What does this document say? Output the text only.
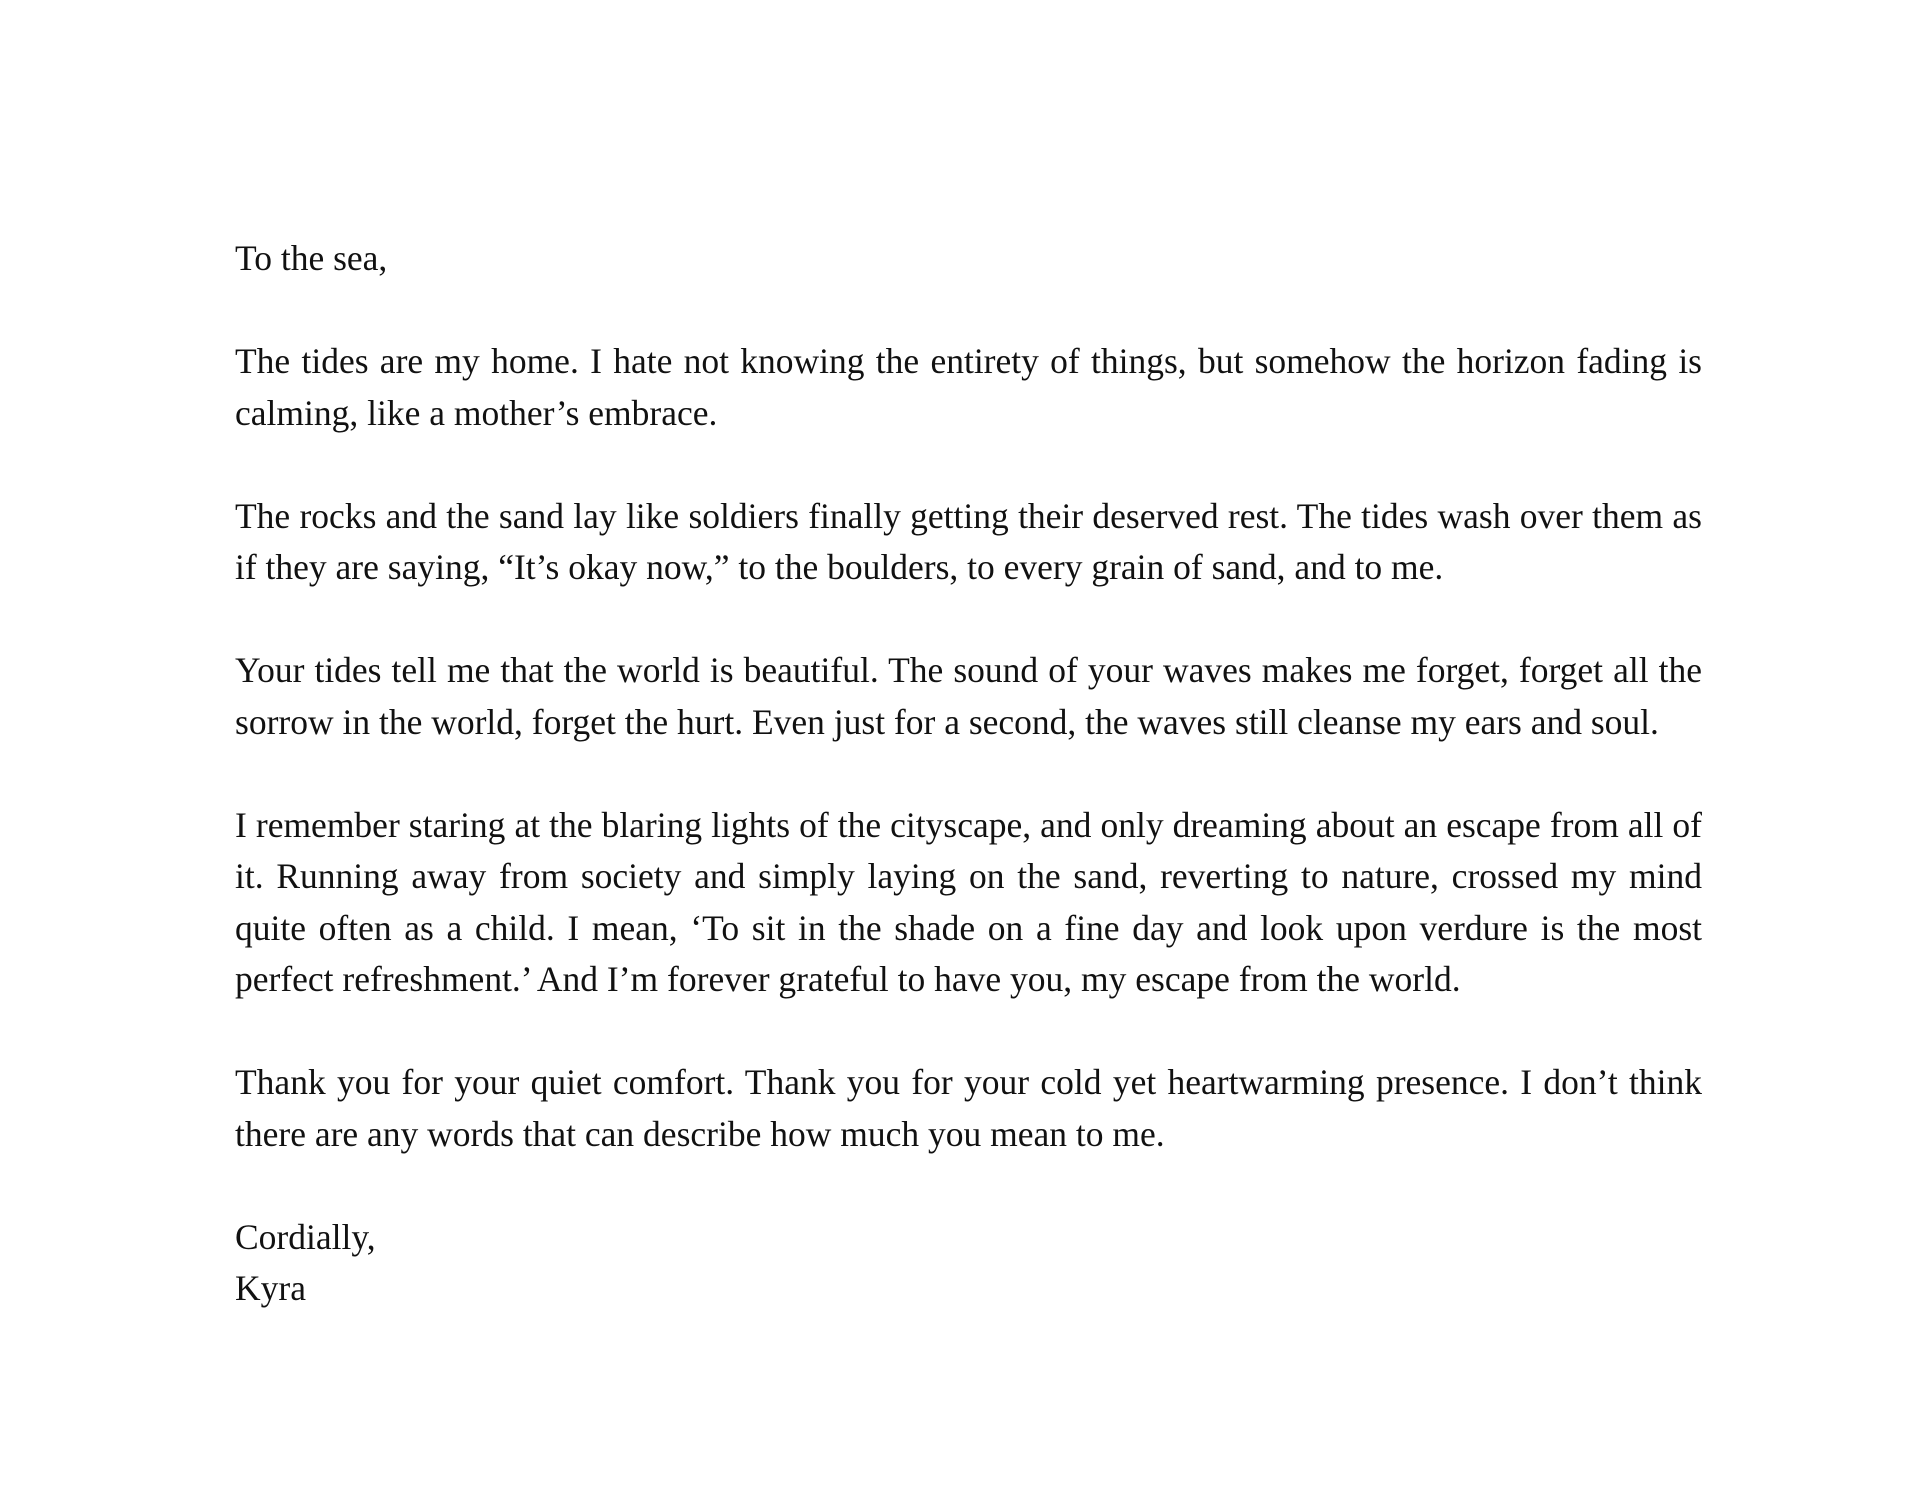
To the sea,

The tides are my home. I hate not knowing the entirety of things, but somehow the horizon fading is calming, like a mother’s embrace.

The rocks and the sand lay like soldiers finally getting their deserved rest. The tides wash over them as if they are saying, “It’s okay now,” to the boulders, to every grain of sand, and to me.

Your tides tell me that the world is beautiful. The sound of your waves makes me forget, forget all the sorrow in the world, forget the hurt. Even just for a second, the waves still cleanse my ears and soul.

I remember staring at the blaring lights of the cityscape, and only dreaming about an escape from all of it. Running away from society and simply laying on the sand, reverting to nature, crossed my mind quite often as a child. I mean, ‘To sit in the shade on a fine day and look upon verdure is the most perfect refreshment.’ And I’m forever grateful to have you, my escape from the world.

Thank you for your quiet comfort. Thank you for your cold yet heartwarming presence. I don’t think there are any words that can describe how much you mean to me.

Cordially,
Kyra
